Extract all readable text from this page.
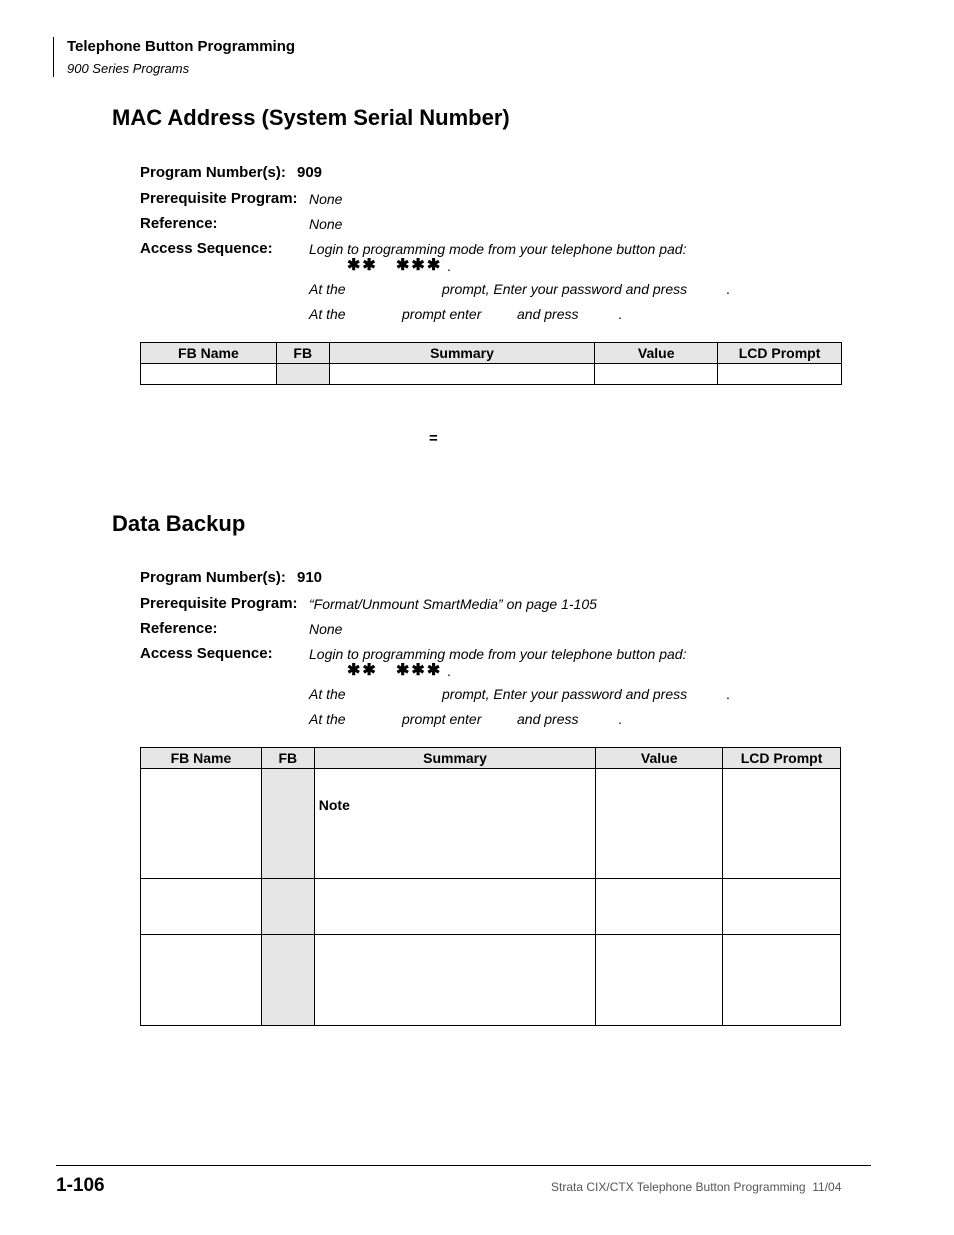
Telephone Button Programming
900 Series Programs
MAC Address (System Serial Number)
Program Number(s): 909
Prerequisite Program: None
Reference:	None
Access Sequence:	Login to programming mode from your telephone button pad:
✱✱ ✱✱✱ .
At the	prompt, Enter your password and press	.
At the	prompt enter	and press	.
FB Name	FB	Summary	Value	LCD Prompt

=
Data Backup
Program Number(s): 910
Prerequisite Program: “Format/Unmount SmartMedia” on page 1-105
Reference:	None
Access Sequence:	Login to programming mode from your telephone button pad:
✱✱ ✱✱✱ .
At the	prompt, Enter your password and press	.
At the	prompt enter	and press	.
FB Name	FB	Summary	Value	LCD Prompt
		Note		

1-106	Strata CIX/CTX Telephone Button Programming  11/04
